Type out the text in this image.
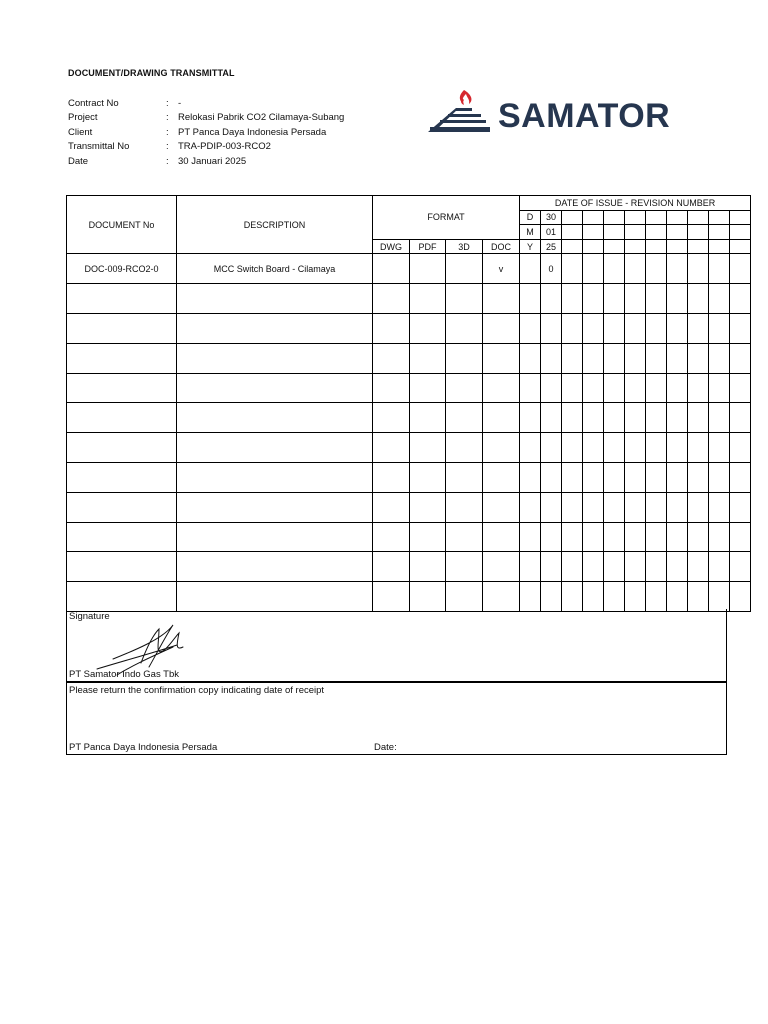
DOCUMENT/DRAWING TRANSMITTAL
Contract No	: -
Project	: Relokasi Pabrik CO2 Cilamaya-Subang
Client	: PT Panca Daya Indonesia Persada
Transmittal No	: TRA-PDIP-003-RCO2
Date	: 30 Januari 2025
SAMATOR
DOCUMENT No	DESCRIPTION	FORMAT				DATE OF ISSUE - REVISION NUMBER										
						D	30									
						M	01									
		DWG	PDF	3D	DOC	Y	25									
DOC-009-RCO2-0	MCC Switch Board - Cilamaya				v		0									

Signature
PT Samator Indo Gas Tbk
Please return the confirmation copy indicating date of receipt
PT Panca Daya Indonesia Persada	Date:
